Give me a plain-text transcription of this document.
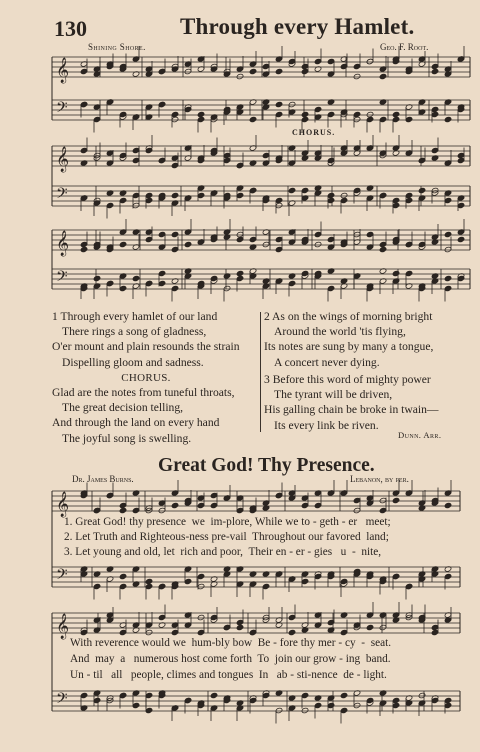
130	Through every Hamlet.
Shining Shore.	Geo. F. Root.
CHORUS.
𝄞
𝄢
𝄞
𝄢
𝄞
𝄢
𝄞
𝄢
𝄞
𝄢
1 Through every hamlet of our land
There rings a song of gladness,
O'er mount and plain resounds the strain
Dispelling gloom and sadness.
CHORUS.
Glad are the notes from tuneful throats,
The great decision telling,
And through the land on every hand
The joyful song is swelling.
2 As on the wings of morning bright
Around the world 'tis flying,
Its notes are sung by many a tongue,
A concert never dying.
3 Before this word of mighty power
The tyrant will be driven,
His galling chain be broke in twain—
Its every link be riven.
Dunn. Arr.
Great God! Thy Presence.
Dr. James Burns.	Lebanon, by per.
1. Great God! thy presence  we  im-plore, While we to - geth - er   meet;
2. Let Truth and Righteous-ness pre-vail  Throughout our favored  land;
3. Let young and old, let  rich and poor,  Their en - er - gies   u  -  nite,
With reverence would we  hum-bly bow  Be - fore thy mer - cy  -  seat.
And  may  a   numerous host come forth  To  join our grow - ing  band.
Un - til   all   people, climes and tongues  In   ab - sti-nence  de - light.
